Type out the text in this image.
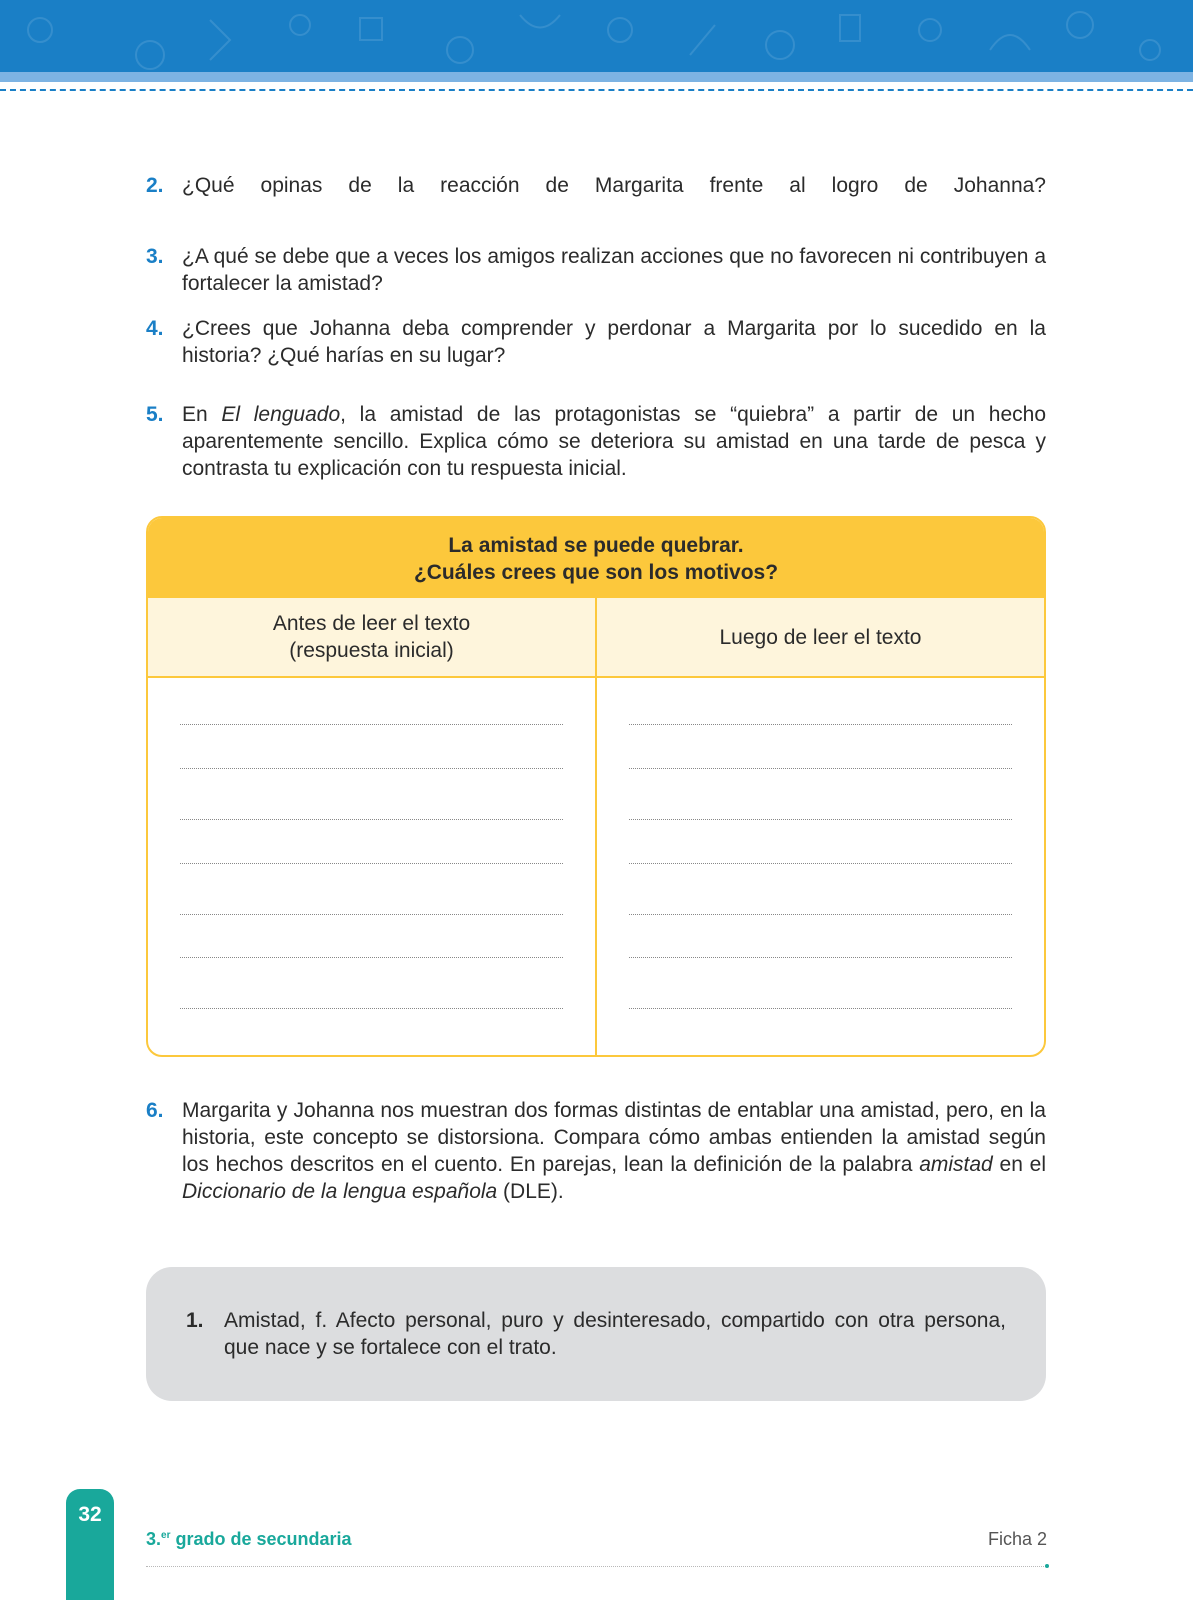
2. ¿Qué opinas de la reacción de Margarita frente al logro de Johanna?
3. ¿A qué se debe que a veces los amigos realizan acciones que no favorecen ni contribuyen a fortalecer la amistad?
4. ¿Crees que Johanna deba comprender y perdonar a Margarita por lo sucedido en la historia? ¿Qué harías en su lugar?
5. En El lenguado, la amistad de las protagonistas se “quiebra” a partir de un hecho aparentemente sencillo. Explica cómo se deteriora su amistad en una tarde de pesca y contrasta tu explicación con tu respuesta inicial.
La amistad se puede quebrar.
¿Cuáles crees que son los motivos?
Antes de leer el texto
(respuesta inicial)
Luego de leer el texto
6. Margarita y Johanna nos muestran dos formas distintas de entablar una amistad, pero, en la historia, este concepto se distorsiona. Compara cómo ambas entienden la amistad según los hechos descritos en el cuento. En parejas, lean la definición de la palabra amistad en el Diccionario de la lengua española (DLE).
1. Amistad, f. Afecto personal, puro y desinteresado, compartido con otra persona, que nace y se fortalece con el trato.
32
3.$^{er}$ grado de secundaria	Ficha 2
